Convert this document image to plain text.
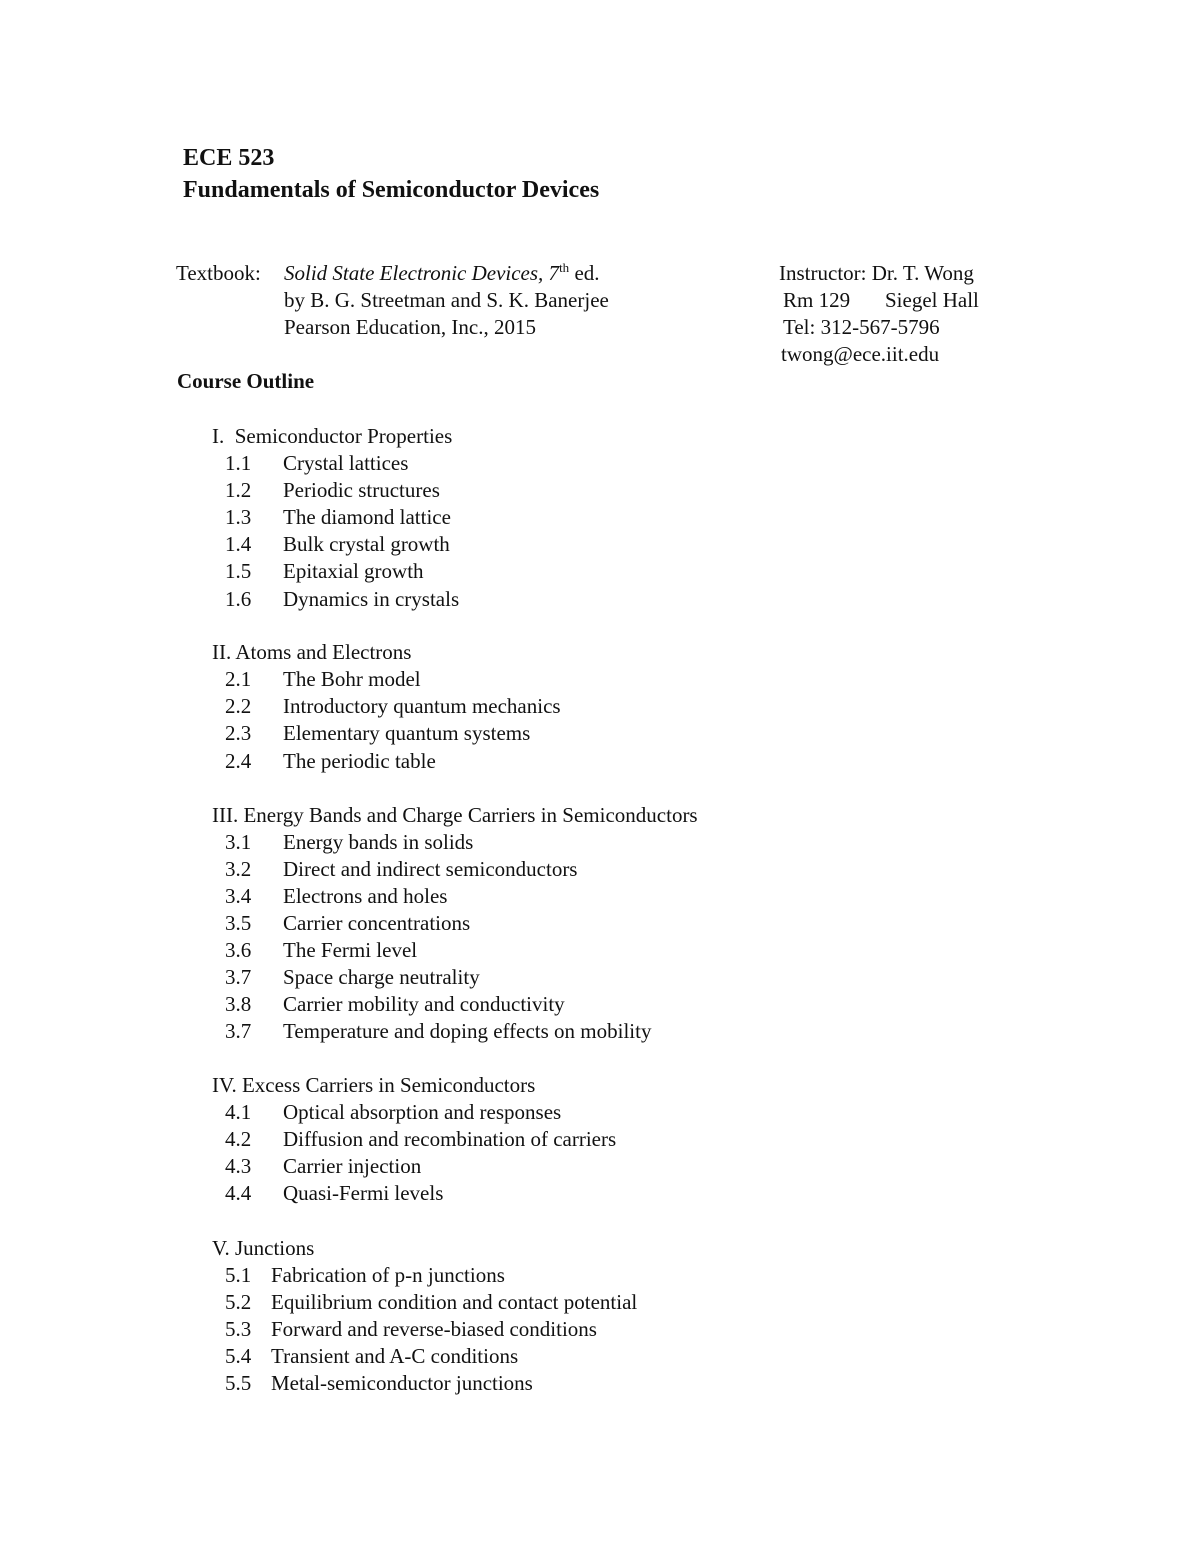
ECE 523
Fundamentals of Semiconductor Devices
Textbook: Solid State Electronic Devices, 7th ed.
by B. G. Streetman and S. K. Banerjee
Pearson Education, Inc., 2015
Instructor: Dr. T. Wong
Rm 129 Siegel Hall
Tel: 312-567-5796
twong@ece.iit.edu
Course Outline
I.  Semiconductor Properties
1.1 Crystal lattices
1.2 Periodic structures
1.3 The diamond lattice
1.4 Bulk crystal growth
1.5 Epitaxial growth
1.6 Dynamics in crystals
II. Atoms and Electrons
2.1 The Bohr model
2.2 Introductory quantum mechanics
2.3 Elementary quantum systems
2.4 The periodic table
III. Energy Bands and Charge Carriers in Semiconductors
3.1 Energy bands in solids
3.2 Direct and indirect semiconductors
3.4 Electrons and holes
3.5 Carrier concentrations
3.6 The Fermi level
3.7 Space charge neutrality
3.8 Carrier mobility and conductivity
3.7 Temperature and doping effects on mobility
IV. Excess Carriers in Semiconductors
4.1 Optical absorption and responses
4.2 Diffusion and recombination of carriers
4.3 Carrier injection
4.4 Quasi-Fermi levels
V. Junctions
5.1 Fabrication of p-n junctions
5.2 Equilibrium condition and contact potential
5.3 Forward and reverse-biased conditions
5.4 Transient and A-C conditions
5.5 Metal-semiconductor junctions
